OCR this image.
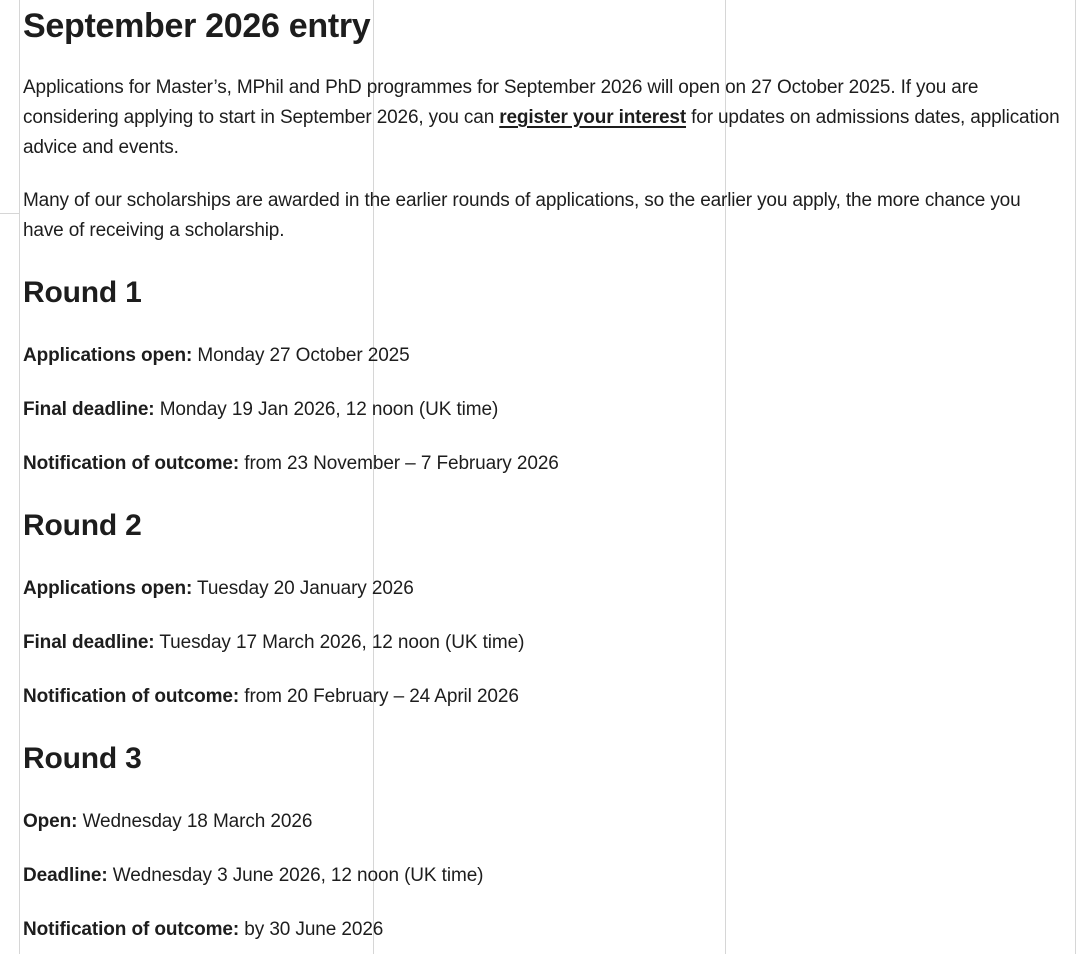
September 2026 entry

Applications for Master’s, MPhil and PhD programmes for September 2026 will open on 27 October 2025. If you are considering applying to start in September 2026, you can register your interest for updates on admissions dates, application advice and events.

Many of our scholarships are awarded in the earlier rounds of applications, so the earlier you apply, the more chance you have of receiving a scholarship.

Round 1

Applications open: Monday 27 October 2025

Final deadline: Monday 19 Jan 2026, 12 noon (UK time)

Notification of outcome: from 23 November – 7 February 2026

Round 2

Applications open: Tuesday 20 January 2026

Final deadline: Tuesday 17 March 2026, 12 noon (UK time)

Notification of outcome: from 20 February – 24 April 2026

Round 3

Open: Wednesday 18 March 2026

Deadline: Wednesday 3 June 2026, 12 noon (UK time)

Notification of outcome: by 30 June 2026
